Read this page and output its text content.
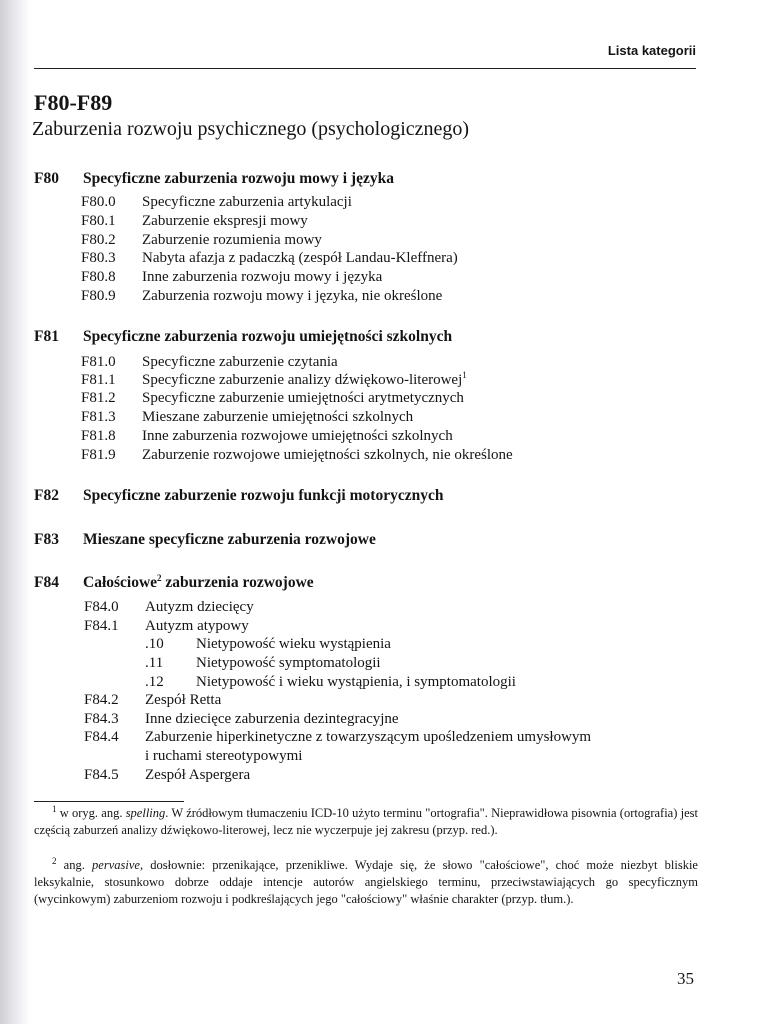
Lista kategorii
F80-F89
Zaburzenia rozwoju psychicznego (psychologicznego)
F80 Specyficzne zaburzenia rozwoju mowy i języka
F80.0 Specyficzne zaburzenia artykulacji
F80.1 Zaburzenie ekspresji mowy
F80.2 Zaburzenie rozumienia mowy
F80.3 Nabyta afazja z padaczką (zespół Landau-Kleffnera)
F80.8 Inne zaburzenia rozwoju mowy i języka
F80.9 Zaburzenia rozwoju mowy i języka, nie określone
F81 Specyficzne zaburzenia rozwoju umiejętności szkolnych
F81.0 Specyficzne zaburzenie czytania
F81.1 Specyficzne zaburzenie analizy dźwiękowo-literowej$^1$
F81.2 Specyficzne zaburzenie umiejętności arytmetycznych
F81.3 Mieszane zaburzenie umiejętności szkolnych
F81.8 Inne zaburzenia rozwojowe umiejętności szkolnych
F81.9 Zaburzenie rozwojowe umiejętności szkolnych, nie określone
F82 Specyficzne zaburzenie rozwoju funkcji motorycznych
F83 Mieszane specyficzne zaburzenia rozwojowe
F84 Całościowe$^2$ zaburzenia rozwojowe
F84.0 Autyzm dziecięcy
F84.1 Autyzm atypowy
.10 Nietypowość wieku wystąpienia
.11 Nietypowość symptomatologii
.12 Nietypowość i wieku wystąpienia, i symptomatologii
F84.2 Zespół Retta
F84.3 Inne dziecięce zaburzenia dezintegracyjne
F84.4 Zaburzenie hiperkinetyczne z towarzyszącym upośledzeniem umysłowym
i ruchami stereotypowymi
F84.5 Zespół Aspergera
$^1$ w oryg. ang. spelling. W źródłowym tłumaczeniu ICD-10 użyto terminu "ortografia". Nieprawidłowa pisownia (ortografia) jest częścią zaburzeń analizy dźwiękowo-literowej, lecz nie wyczerpuje jej zakresu (przyp. red.).
$^2$ ang. pervasive, dosłownie: przenikające, przenikliwe. Wydaje się, że słowo "całościowe", choć może niezbyt bliskie leksykalnie, stosunkowo dobrze oddaje intencje autorów angielskiego terminu, przeciwstawiających go specyficznym (wycinkowym) zaburzeniom rozwoju i podkreślających jego "całościowy" właśnie charakter (przyp. tłum.).
35
